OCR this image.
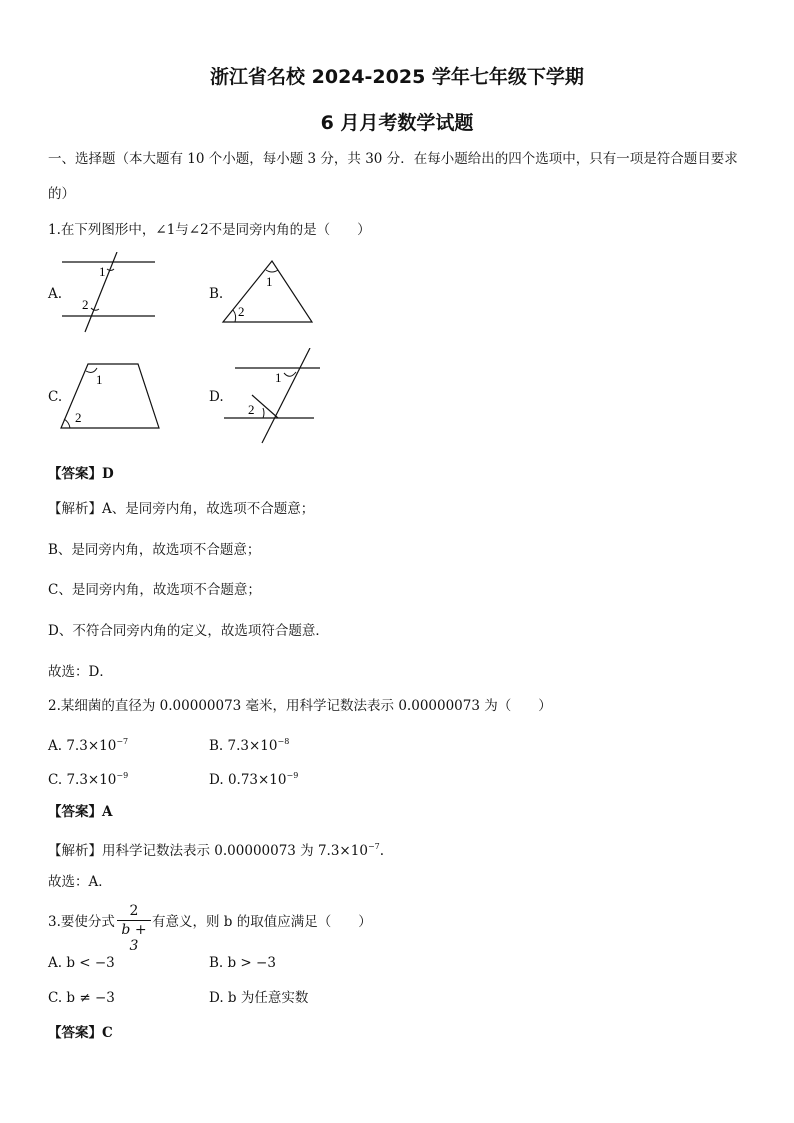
浙江省名校 2024-2025 学年七年级下学期
6 月月考数学试题
一、选择题（本大题有 10 个小题，每小题 3 分，共 30 分．在每小题给出的四个选项中，只有一项是符合题目要求
的）
1.在下列图形中，∠1与∠2不是同旁内角的是（　　）
A.
1
2
B.
1
2
C.
1
2
D.
1
2
【答案】D
【解析】A、是同旁内角，故选项不合题意；
B、是同旁内角，故选项不合题意；
C、是同旁内角，故选项不合题意；
D、不符合同旁内角的定义，故选项符合题意．
故选：D．
2.某细菌的直径为 0.00000073 毫米，用科学记数法表示 0.00000073 为（　　）
A. $7.3\times 10^{-7}$	B. $7.3\times 10^{-8}$
C. $7.3\times 10^{-9}$	D. $0.73\times 10^{-9}$
【答案】A
【解析】用科学记数法表示 0.00000073 为 $7.3\times 10^{-7}$.
故选：A．
3.要使分式
2
b + 3
有意义，则 b 的取值应满足（　　）
A. b < −3	B. b > −3
C. b ≠ −3	D. b 为任意实数
【答案】C
